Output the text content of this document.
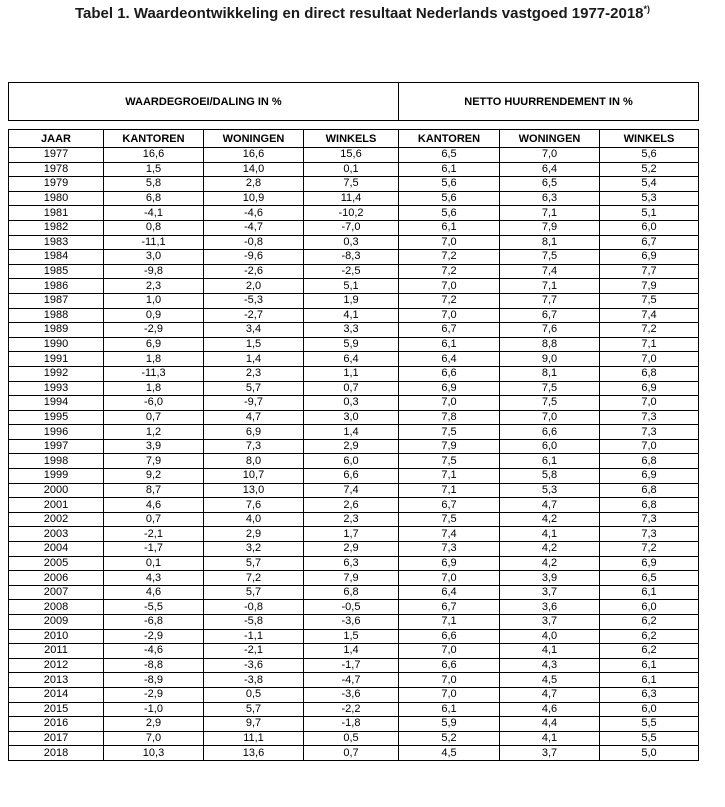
Tabel 1. Waardeontwikkeling en direct resultaat Nederlands vastgoed 1977-2018*)
WAARDEGROEI/DALING IN %	NETTO HUURRENDEMENT IN %
JAAR	KANTOREN	WONINGEN	WINKELS	KANTOREN	WONINGEN	WINKELS
1977	16,6	16,6	15,6	6,5	7,0	5,6
1978	1,5	14,0	0,1	6,1	6,4	5,2
1979	5,8	2,8	7,5	5,6	6,5	5,4
1980	6,8	10,9	11,4	5,6	6,3	5,3
1981	-4,1	-4,6	-10,2	5,6	7,1	5,1
1982	0,8	-4,7	-7,0	6,1	7,9	6,0
1983	-11,1	-0,8	0,3	7,0	8,1	6,7
1984	3,0	-9,6	-8,3	7,2	7,5	6,9
1985	-9,8	-2,6	-2,5	7,2	7,4	7,7
1986	2,3	2,0	5,1	7,0	7,1	7,9
1987	1,0	-5,3	1,9	7,2	7,7	7,5
1988	0,9	-2,7	4,1	7,0	6,7	7,4
1989	-2,9	3,4	3,3	6,7	7,6	7,2
1990	6,9	1,5	5,9	6,1	8,8	7,1
1991	1,8	1,4	6,4	6,4	9,0	7,0
1992	-11,3	2,3	1,1	6,6	8,1	6,8
1993	1,8	5,7	0,7	6,9	7,5	6,9
1994	-6,0	-9,7	0,3	7,0	7,5	7,0
1995	0,7	4,7	3,0	7,8	7,0	7,3
1996	1,2	6,9	1,4	7,5	6,6	7,3
1997	3,9	7,3	2,9	7,9	6,0	7,0
1998	7,9	8,0	6,0	7,5	6,1	6,8
1999	9,2	10,7	6,6	7,1	5,8	6,9
2000	8,7	13,0	7,4	7,1	5,3	6,8
2001	4,6	7,6	2,6	6,7	4,7	6,8
2002	0,7	4,0	2,3	7,5	4,2	7,3
2003	-2,1	2,9	1,7	7,4	4,1	7,3
2004	-1,7	3,2	2,9	7,3	4,2	7,2
2005	0,1	5,7	6,3	6,9	4,2	6,9
2006	4,3	7,2	7,9	7,0	3,9	6,5
2007	4,6	5,7	6,8	6,4	3,7	6,1
2008	-5,5	-0,8	-0,5	6,7	3,6	6,0
2009	-6,8	-5,8	-3,6	7,1	3,7	6,2
2010	-2,9	-1,1	1,5	6,6	4,0	6,2
2011	-4,6	-2,1	1,4	7,0	4,1	6,2
2012	-8,8	-3,6	-1,7	6,6	4,3	6,1
2013	-8,9	-3,8	-4,7	7,0	4,5	6,1
2014	-2,9	0,5	-3,6	7,0	4,7	6,3
2015	-1,0	5,7	-2,2	6,1	4,6	6,0
2016	2,9	9,7	-1,8	5,9	4,4	5,5
2017	7,0	11,1	0,5	5,2	4,1	5,5
2018	10,3	13,6	0,7	4,5	3,7	5,0
